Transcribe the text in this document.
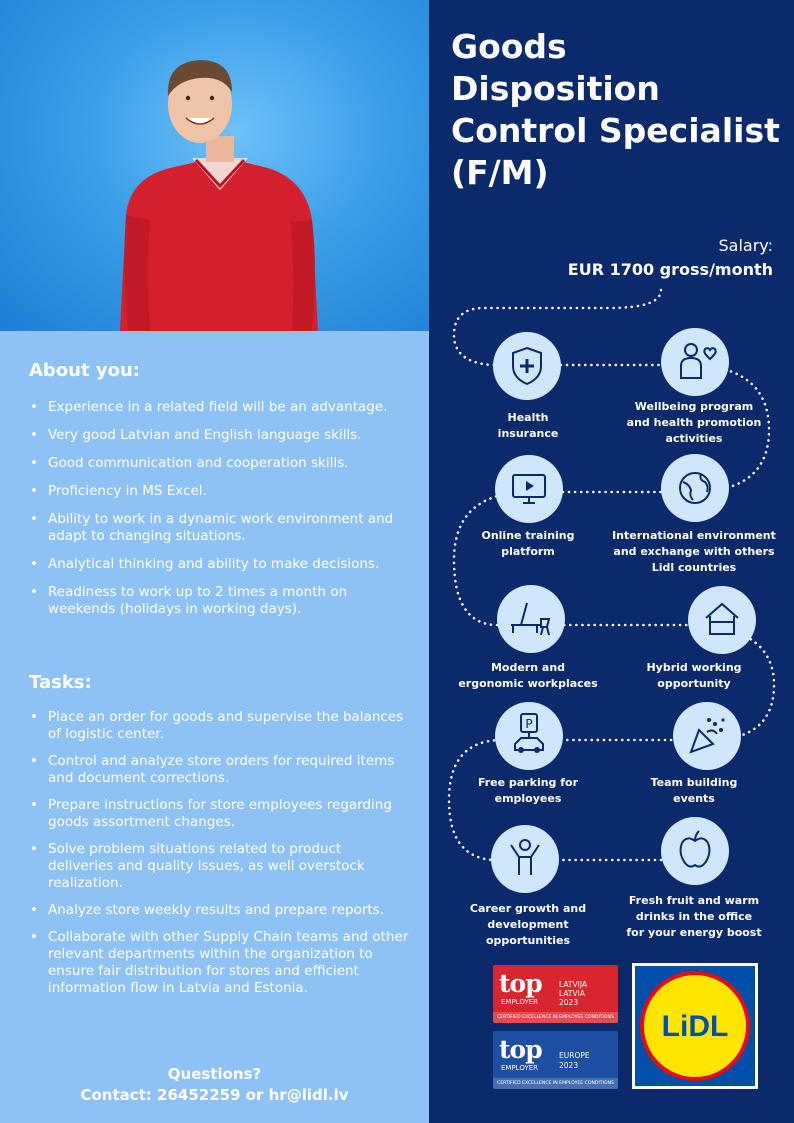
About you:
• Experience in a related field will be an advantage.
• Very good Latvian and English language skills.
• Good communication and cooperation skills.
• Proficiency in MS Excel.
• Ability to work in a dynamic work environment and adapt to changing situations.
• Analytical thinking and ability to make decisions.
• Readiness to work up to 2 times a month on weekends (holidays in working days).
Tasks:
• Place an order for goods and supervise the balances of logistic center.
• Control and analyze store orders for required items and document corrections.
• Prepare instructions for store employees regarding goods assortment changes.
• Solve problem situations related to product deliveries and quality issues, as well overstock realization.
• Analyze store weekly results and prepare reports.
• Collaborate with other Supply Chain teams and other relevant departments within the organization to ensure fair distribution for stores and efficient information flow in Latvia and Estonia.
Questions?
Contact: 26452259 or hr@lidl.lv
Goods
Disposition
Control Specialist
(F/M)
Salary:
EUR 1700 gross/month
Health
insurance
Wellbeing program
and health promotion
activities
Online training
platform
International environment
and exchange with others
Lidl countries
Modern and
ergonomic workplaces
Hybrid working
opportunity
P
Free parking for
employees
Team building
events
Career growth and
development
opportunities
Fresh fruit and warm
drinks in the office
for your energy boost
top
EMPLOYER
LATVIJA
LATVIA
2023
CERTIFIED EXCELLENCE IN EMPLOYEE CONDITIONS
top
EMPLOYER
EUROPE
2023
CERTIFIED EXCELLENCE IN EMPLOYEE CONDITIONS
LiDL
